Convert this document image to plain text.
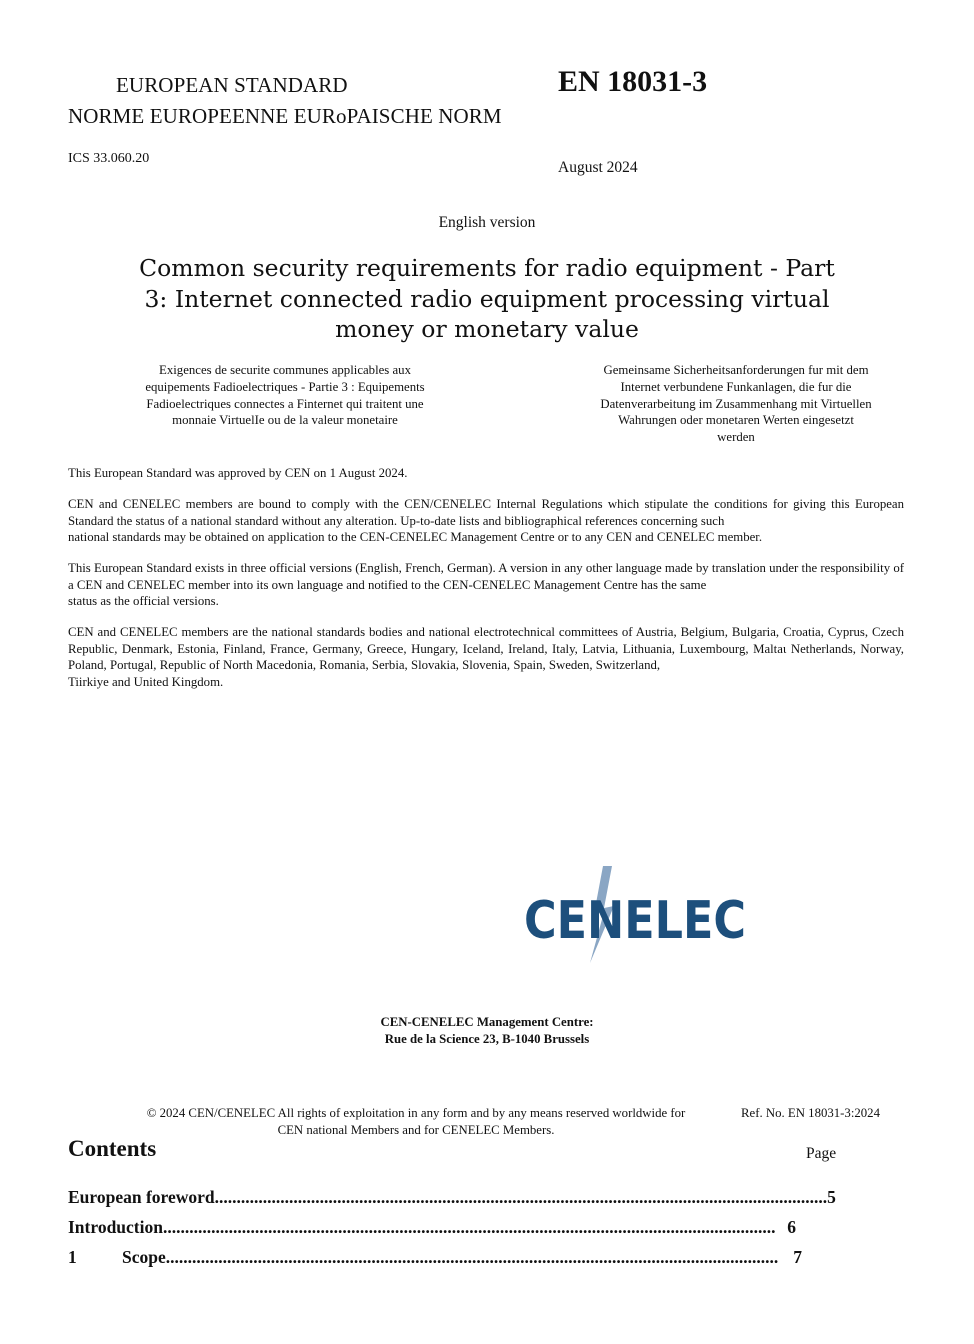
EUROPEAN STANDARD	EN 18031-3
NORME EUROPEENNE EURoPAISCHE NORM
ICS 33.060.20
August 2024
English version
Common security requirements for radio equipment - Part
3: Internet connected radio equipment processing virtual
money or monetary value
Exigences de securite communes applicables aux
equipements Fadioelectriques - Partie 3 : Equipements
Fadioelectriques connectes a Finternet qui traitent une
monnaie VirtuelIe ou de la valeur monetaire
Gemeinsame Sicherheitsanforderungen fur mit dem
Internet verbundene Funkanlagen, die fur die
Datenverarbeitung im Zusammenhang mit Virtuellen
Wahrungen oder monetaren Werten eingesetzt
werden
This European Standard was approved by CEN on 1 August 2024.
CEN and CENELEC members are bound to comply with the CEN/CENELEC Internal Regulations which stipulate the conditions for giving this European Standard the status of a national standard without any alteration. Up-to-date lists and bibliographical references concerning such
national standards may be obtained on application to the CEN-CENELEC Management Centre or to any CEN and CENELEC member.
This European Standard exists in three official versions (English, French, German). A version in any other language made by translation under the responsibility of a CEN and CENELEC member into its own language and notified to the CEN-CENELEC Management Centre has the same
status as the official versions.
CEN and CENELEC members are the national standards bodies and national electrotechnical committees of Austria, Belgium, Bulgaria, Croatia, Cyprus, Czech Republic, Denmark, Estonia, Finland, France, Germany, Greece, Hungary, Iceland, Ireland, Italy, Latvia, Lithuania, Luxembourg, Maltaι Netherlands, Norway, Poland, Portugal, Republic of North Macedonia, Romania, Serbia, Slovakia, Slovenia, Spain, Sweden, Switzerland,
Tiirkiye and United Kingdom.
CENELEC
CEN-CENELEC Management Centre:
Rue de la Science 23, B-1040 Brussels
© 2024 CEN/CENELEC All rights of exploitation in any form and by any means reserved worldwide for
CEN national Members and for CENELEC Members.
Ref. No. EN 18031-3:2024
Contents	Page
European foreword ............................................................................................................................................ 5
Introduction ............................................................................................................................................ 6
1	Scope ............................................................................................................................................ 7
